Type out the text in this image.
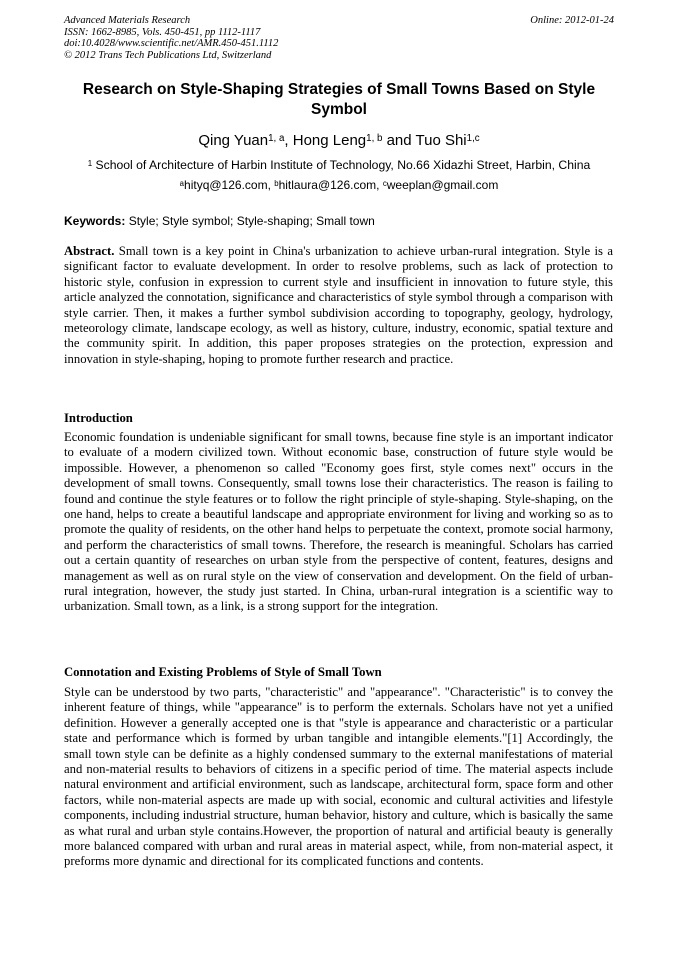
Advanced Materials Research
ISSN: 1662-8985, Vols. 450-451, pp 1112-1117
doi:10.4028/www.scientific.net/AMR.450-451.1112
© 2012 Trans Tech Publications Ltd, Switzerland
Online: 2012-01-24
Research on Style-Shaping Strategies of Small Towns Based on Style Symbol
Qing Yuan$^{1, a}$, Hong Leng$^{1, b}$ and Tuo Shi$^{1,c}$
$^1$ School of Architecture of Harbin Institute of Technology, No.66 Xidazhi Street, Harbin, China
$^a$hityq@126.com, $^b$hitlaura@126.com, $^c$weeplan@gmail.com
Keywords: Style; Style symbol; Style-shaping; Small town
Abstract. Small town is a key point in China's urbanization to achieve urban-rural integration. Style is a significant factor to evaluate development. In order to resolve problems, such as lack of protection to historic style, confusion in expression to current style and insufficient in innovation to future style, this article analyzed the connotation, significance and characteristics of style symbol through a comparison with style carrier. Then, it makes a further symbol subdivision according to topography, geology, hydrology, meteorology climate, landscape ecology, as well as history, culture, industry, economic, spatial texture and the community spirit. In addition, this paper proposes strategies on the protection, expression and innovation in style-shaping, hoping to promote further research and practice.
Introduction
Economic foundation is undeniable significant for small towns, because fine style is an important indicator to evaluate of a modern civilized town. Without economic base, construction of future style would be impossible. However, a phenomenon so called "Economy goes first, style comes next" occurs in the development of small towns. Consequently, small towns lose their characteristics. The reason is failing to found and continue the style features or to follow the right principle of style-shaping. Style-shaping, on the one hand, helps to create a beautiful landscape and appropriate environment for living and working so as to promote the quality of residents, on the other hand helps to perpetuate the context, promote social harmony, and perform the characteristics of small towns. Therefore, the research is meaningful. Scholars has carried out a certain quantity of researches on urban style from the perspective of content, features, designs and management as well as on rural style on the view of conservation and development. On the field of urban-rural integration, however, the study just started. In China, urban-rural integration is a scientific way to urbanization. Small town, as a link, is a strong support for the integration.
Connotation and Existing Problems of Style of Small Town
Style can be understood by two parts, "characteristic" and "appearance". "Characteristic" is to convey the inherent feature of things, while "appearance" is to perform the externals. Scholars have not yet a unified definition. However a generally accepted one is that "style is appearance and characteristic or a particular state and performance which is formed by urban tangible and intangible elements."[1] Accordingly, the small town style can be definite as a highly condensed summary to the external manifestations of material and non-material results to behaviors of citizens in a specific period of time. The material aspects include natural environment and artificial environment, such as landscape, architectural form, space form and other factors, while non-material aspects are made up with social, economic and cultural activities and lifestyle components, including industrial structure, human behavior, history and culture, which is basically the same as what rural and urban style contains.However, the proportion of natural and artificial beauty is generally more balanced compared with urban and rural areas in material aspect, while, from non-material aspect, it preforms more dynamic and directional for its complicated functions and contents.
